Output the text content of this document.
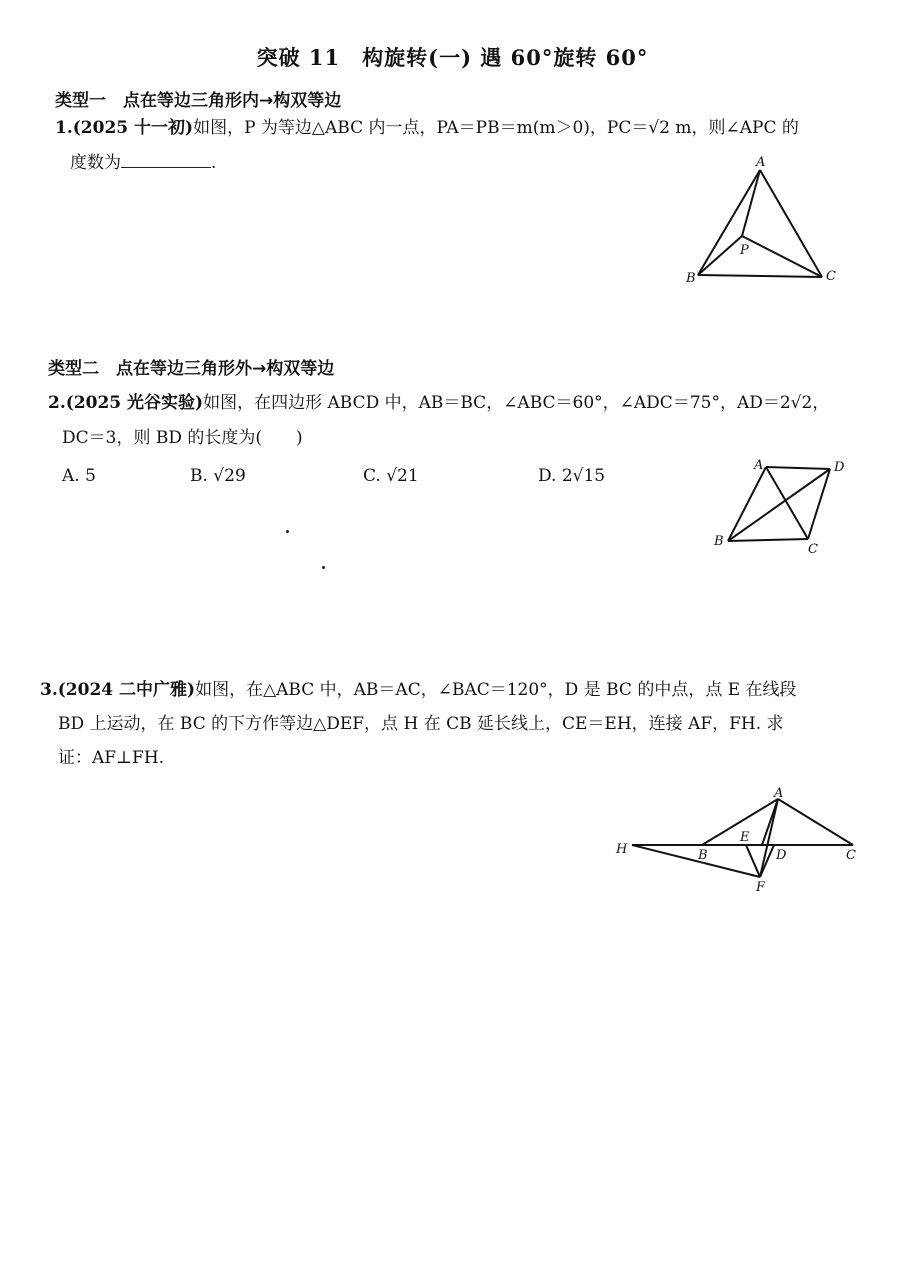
突破 11　构旋转(一) 遇 60°旋转 60°
类型一　点在等边三角形内→构双等边
1.(2025 十一初)如图，P 为等边△ABC 内一点，PA＝PB＝m(m＞0)，PC＝√2 m，则∠APC 的
度数为	.	A
B	C
P
类型二　点在等边三角形外→构双等边
2.(2025 光谷实验)如图，在四边形 ABCD 中，AB＝BC，∠ABC＝60°，∠ADC＝75°，AD＝2√2，
DC＝3，则 BD 的长度为(　　)
A. 5	B. √29	C. √21	D. 2√15
A	D
B
C
3.(2024 二中广雅)如图，在△ABC 中，AB＝AC，∠BAC＝120°，D 是 BC 的中点，点 E 在线段
BD 上运动，在 BC 的下方作等边△DEF，点 H 在 CB 延长线上，CE＝EH，连接 AF，FH. 求
证：AF⊥FH.
A
H	B
E
D	C
F
